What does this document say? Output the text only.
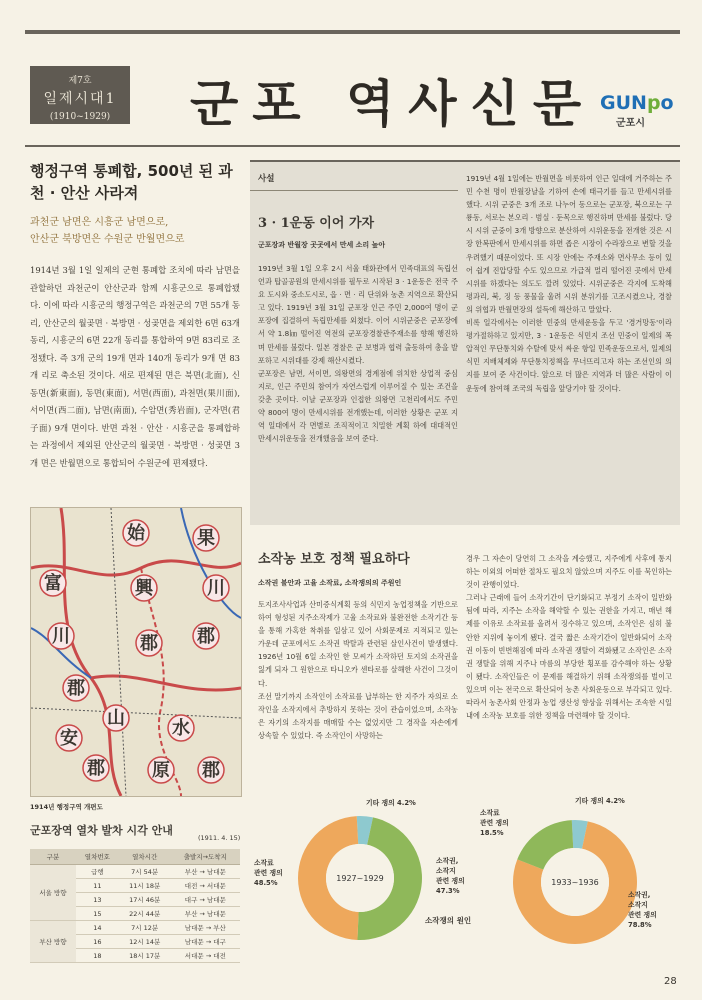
제7호
일제시대1
(1910~1929)	군포 역사신문 GUNpo
군포시
행정구역 통폐합, 500년 된 과천 · 안산 사라져
과천군 남면은 시흥군 남면으로,
안산군 북방면은 수원군 반월면으로
1914년 3월 1일 일제의 군현 통폐합 조치에 따라 남면을 관할하던 과천군이 안산군과 함께 시흥군으로 통폐합됐다. 이에 따라 시흥군의 행정구역은 과천군의 7면 55개 동리, 안산군의 월곶면 · 북방면 · 성곶면을 제외한 6면 63개 동리, 시흥군의 6면 22개 동리를 통합하여 9면 83리로 조정됐다. 즉 3개 군의 19개 면과 140개 동리가 9개 면 83개 리로 축소된 것이다. 새로 편제된 면은 북면(北面), 신동면(新東面), 동면(東面), 서면(西面), 과천면(果川面), 서이면(西二面), 남면(南面), 수암면(秀岩面), 군자면(君子面) 9개 면이다. 반면 과천 · 안산 · 시흥군을 통폐합하는 과정에서 제외된 안산군의 월곶면 · 북방면 · 성곶면 3개 면은 반월면으로 통합되어 수원군에 편제됐다.
始
興
郡
果
川
郡
富
川
郡
安
山
郡
水
原 郡
1914년 행정구역 개편도
군포장역 열차 발차 시각 안내
(1911. 4. 15)
구분	열차번호	열차시간	출발지→도착지
서울 방향	급행	7시 54분	부산 → 남대문
	11	11시 18분	대전 → 서대문
	13	17시 46분	대구 → 남대문
	15	22시 44분	부산 → 남대문
부산 방향	14	7시 12분	남대문 → 부산
	16	12시 14분	남대문 → 대구
	18	18시 17분	서대문 → 대전
사설
3 · 1운동 이어 가자
군포장과 반월장 곳곳에서 만세 소리 높아
1919년 3월 1일 오후 2시 서울 태화관에서 민족대표의 독립선언과 탑골공원의 만세시위를 필두로 시작된 3 · 1운동은 전국 주요 도시와 중소도시로, 읍 · 면 · 리 단위와 농촌 지역으로 확산되고 있다. 1919년 3월 31일 군포장 인근 주민 2,000여 명이 군포장에 집결하여 독립만세를 외쳤다. 이어 시위군중은 군포장에서 약 1.8㎞ 떨어진 역전의 군포장경찰관주재소를 향해 행진하며 만세를 불렀다. 일본 경찰은 군 보병과 협력 출동하여 총을 발포하고 시위대를 강제 해산시켰다.
군포장은 남면, 서이면, 의왕면의 경계점에 위치한 상업적 중심지로, 인근 주민의 참여가 자연스럽게 이루어질 수 있는 조건을 갖춘 곳이다. 이날 군포장과 인접한 의왕면 고천리에서도 주민 약 800여 명이 만세시위를 전개했는데, 이러한 상황은 군포 지역 일대에서 각 면별로 조직적이고 치밀한 계획 하에 대대적인 만세시위운동을 전개했음을 보여 준다.
1919년 4월 1일에는 반월면을 비롯하여 인근 일대에 거주하는 주민 수천 명이 반월장날을 기하여 손에 태극기를 들고 만세시위를 했다. 시위 군중은 3개 조로 나누어 동으로는 군포장, 북으로는 구룡동, 서로는 본오리 · 범실 · 둔목으로 행진하며 만세를 불렀다. 당시 시위 군중이 3개 방향으로 분산하여 시위운동을 전개한 것은 시장 한복판에서 만세시위를 하면 좁은 시장이 수라장으로 변할 것을 우려했기 때문이었다. 또 시장 안에는 주재소와 면사무소 등이 있어 쉽게 진압당할 수도 있으므로 가급적 멀리 떨어진 곳에서 만세시위를 하겠다는 의도도 깔려 있었다. 시위군중은 각지에 도착해 평과리, 북, 징 등 풍물을 울려 시위 분위기를 고조시켰으나, 경찰의 위협과 반월면장의 설득에 해산하고 말았다.
비록 일각에서는 이러한 민중의 만세운동을 두고 '경거망동'이라 평가절하하고 있지만, 3 · 1운동은 식민지 조선 민중이 일제의 폭압적인 무단통치와 수탈에 맞서 싸운 항일 민족운동으로서, 일제의 식민 지배체제와 무단통치정책을 무너뜨리고자 하는 조선인의 의지를 보여 준 사건이다. 앞으로 더 많은 지역과 더 많은 사람이 이 운동에 참여해 조국의 독립을 앞당기야 할 것이다.
소작농 보호 정책 필요하다
소작권 불안과 고율 소작료, 소작쟁의의 주원인
토지조사사업과 산미증식계획 등의 식민지 농업정책을 기반으로 하여 형성된 지주소작제가 고율 소작료와 불완전한 소작기간 등을 통해 가혹한 착취를 일삼고 있어 사회문제로 지적되고 있는 가운데 군포에서도 소작권 박탈과 관련된 살인사건이 발생했다. 1926년 10월 6일 소작인 한 모씨가 소작하던 토지의 소작권을 잃게 되자 그 원한으로 타니오카 센타로를 살해한 사건이 그것이다.
조선 말기까지 소작인이 소작료를 납부하는 한 지주가 자의로 소작인을 소작지에서 추방하지 못하는 것이 관습이었으며, 소작농은 자기의 소작지를 매매할 수는 없었지만 그 경작을 자손에게 상속할 수 있었다. 즉 소작인이 사망하는
경우 그 자손이 당연히 그 소작을 계승했고, 지주에게 사후에 통지하는 이외의 어떠한 절차도 필요치 않았으며 지주도 이를 묵인하는 것이 관행이었다.
그러나 근래에 들어 소작기간이 단기화되고 부정기 소작이 일반화됨에 따라, 지주는 소작을 해약할 수 있는 권한을 가지고, 매년 해제를 이유로 소작료를 올려서 징수하고 있으며, 소작인은 심히 불안한 지위에 놓이게 됐다. 결국 짧은 소작기간이 일반화되어 소작권 이동이 빈번해짐에 따라 소작권 쟁탈이 격화됐고 소작인은 소작권 쟁탈을 위해 지주나 마름의 부당한 횡포를 감수해야 하는 상황이 됐다. 소작인들은 이 문제를 해결하기 위해 소작쟁의를 벌이고 있으며 이는 전국으로 확산되어 농촌 사회운동으로 부각되고 있다. 따라서 농촌사회 안정과 농업 생산성 향상을 위해서는 조속한 시일 내에 소작농 보호를 위한 정책을 마련해야 할 것이다.
1927~1929	1933~1936
기타 쟁의 4.2%
소작료
관련 쟁의
48.5%
소작권,
소작지
관련 쟁의
47.3%
기타 쟁의 4.2%
소작료
관련 쟁의
18.5%
소작권,
소작지
관련 쟁의
78.8%
소작쟁의 원인
28
